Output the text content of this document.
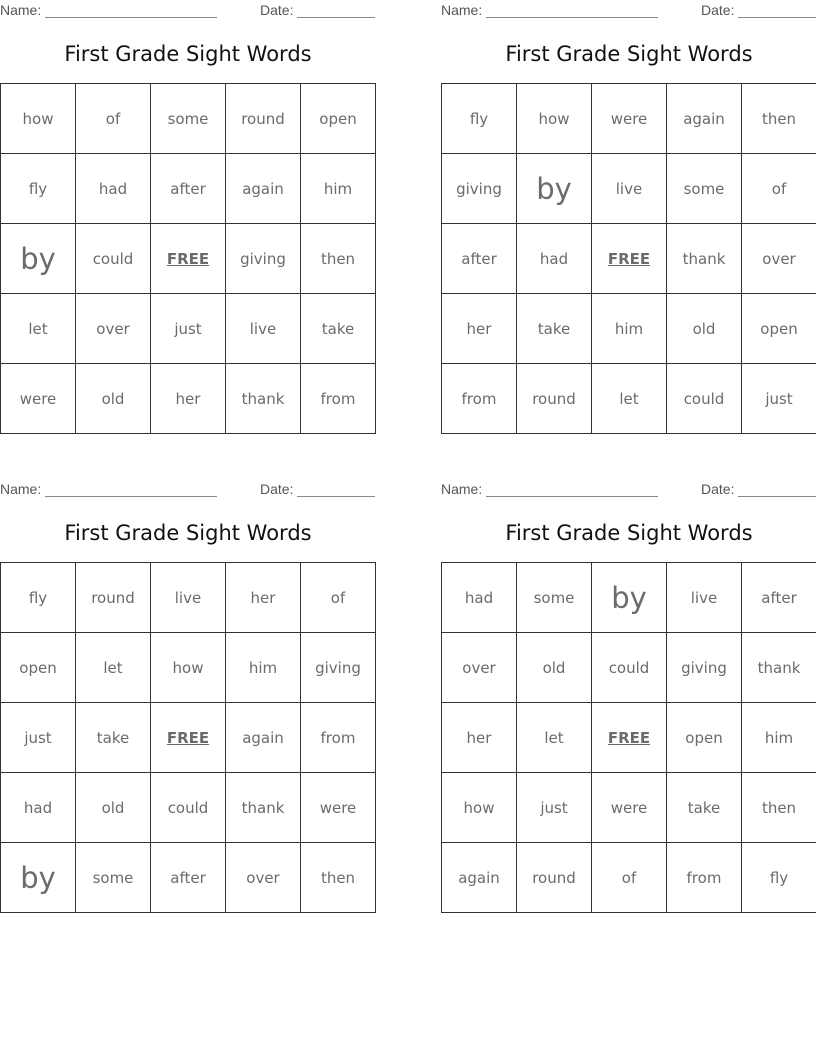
Name:	Date:
First Grade Sight Words
how	of	some	round	open
fly	had	after	again	him
by	could	FREE	giving	then
let	over	just	live	take
were	old	her	thank	from
Name:	Date:
First Grade Sight Words
fly	how	were	again	then
giving	by	live	some	of
after	had	FREE	thank	over
her	take	him	old	open
from	round	let	could	just
Name:	Date:
First Grade Sight Words
fly	round	live	her	of
open	let	how	him	giving
just	take	FREE	again	from
had	old	could	thank	were
by	some	after	over	then
Name:	Date:
First Grade Sight Words
had	some	by	live	after
over	old	could	giving	thank
her	let	FREE	open	him
how	just	were	take	then
again	round	of	from	fly
